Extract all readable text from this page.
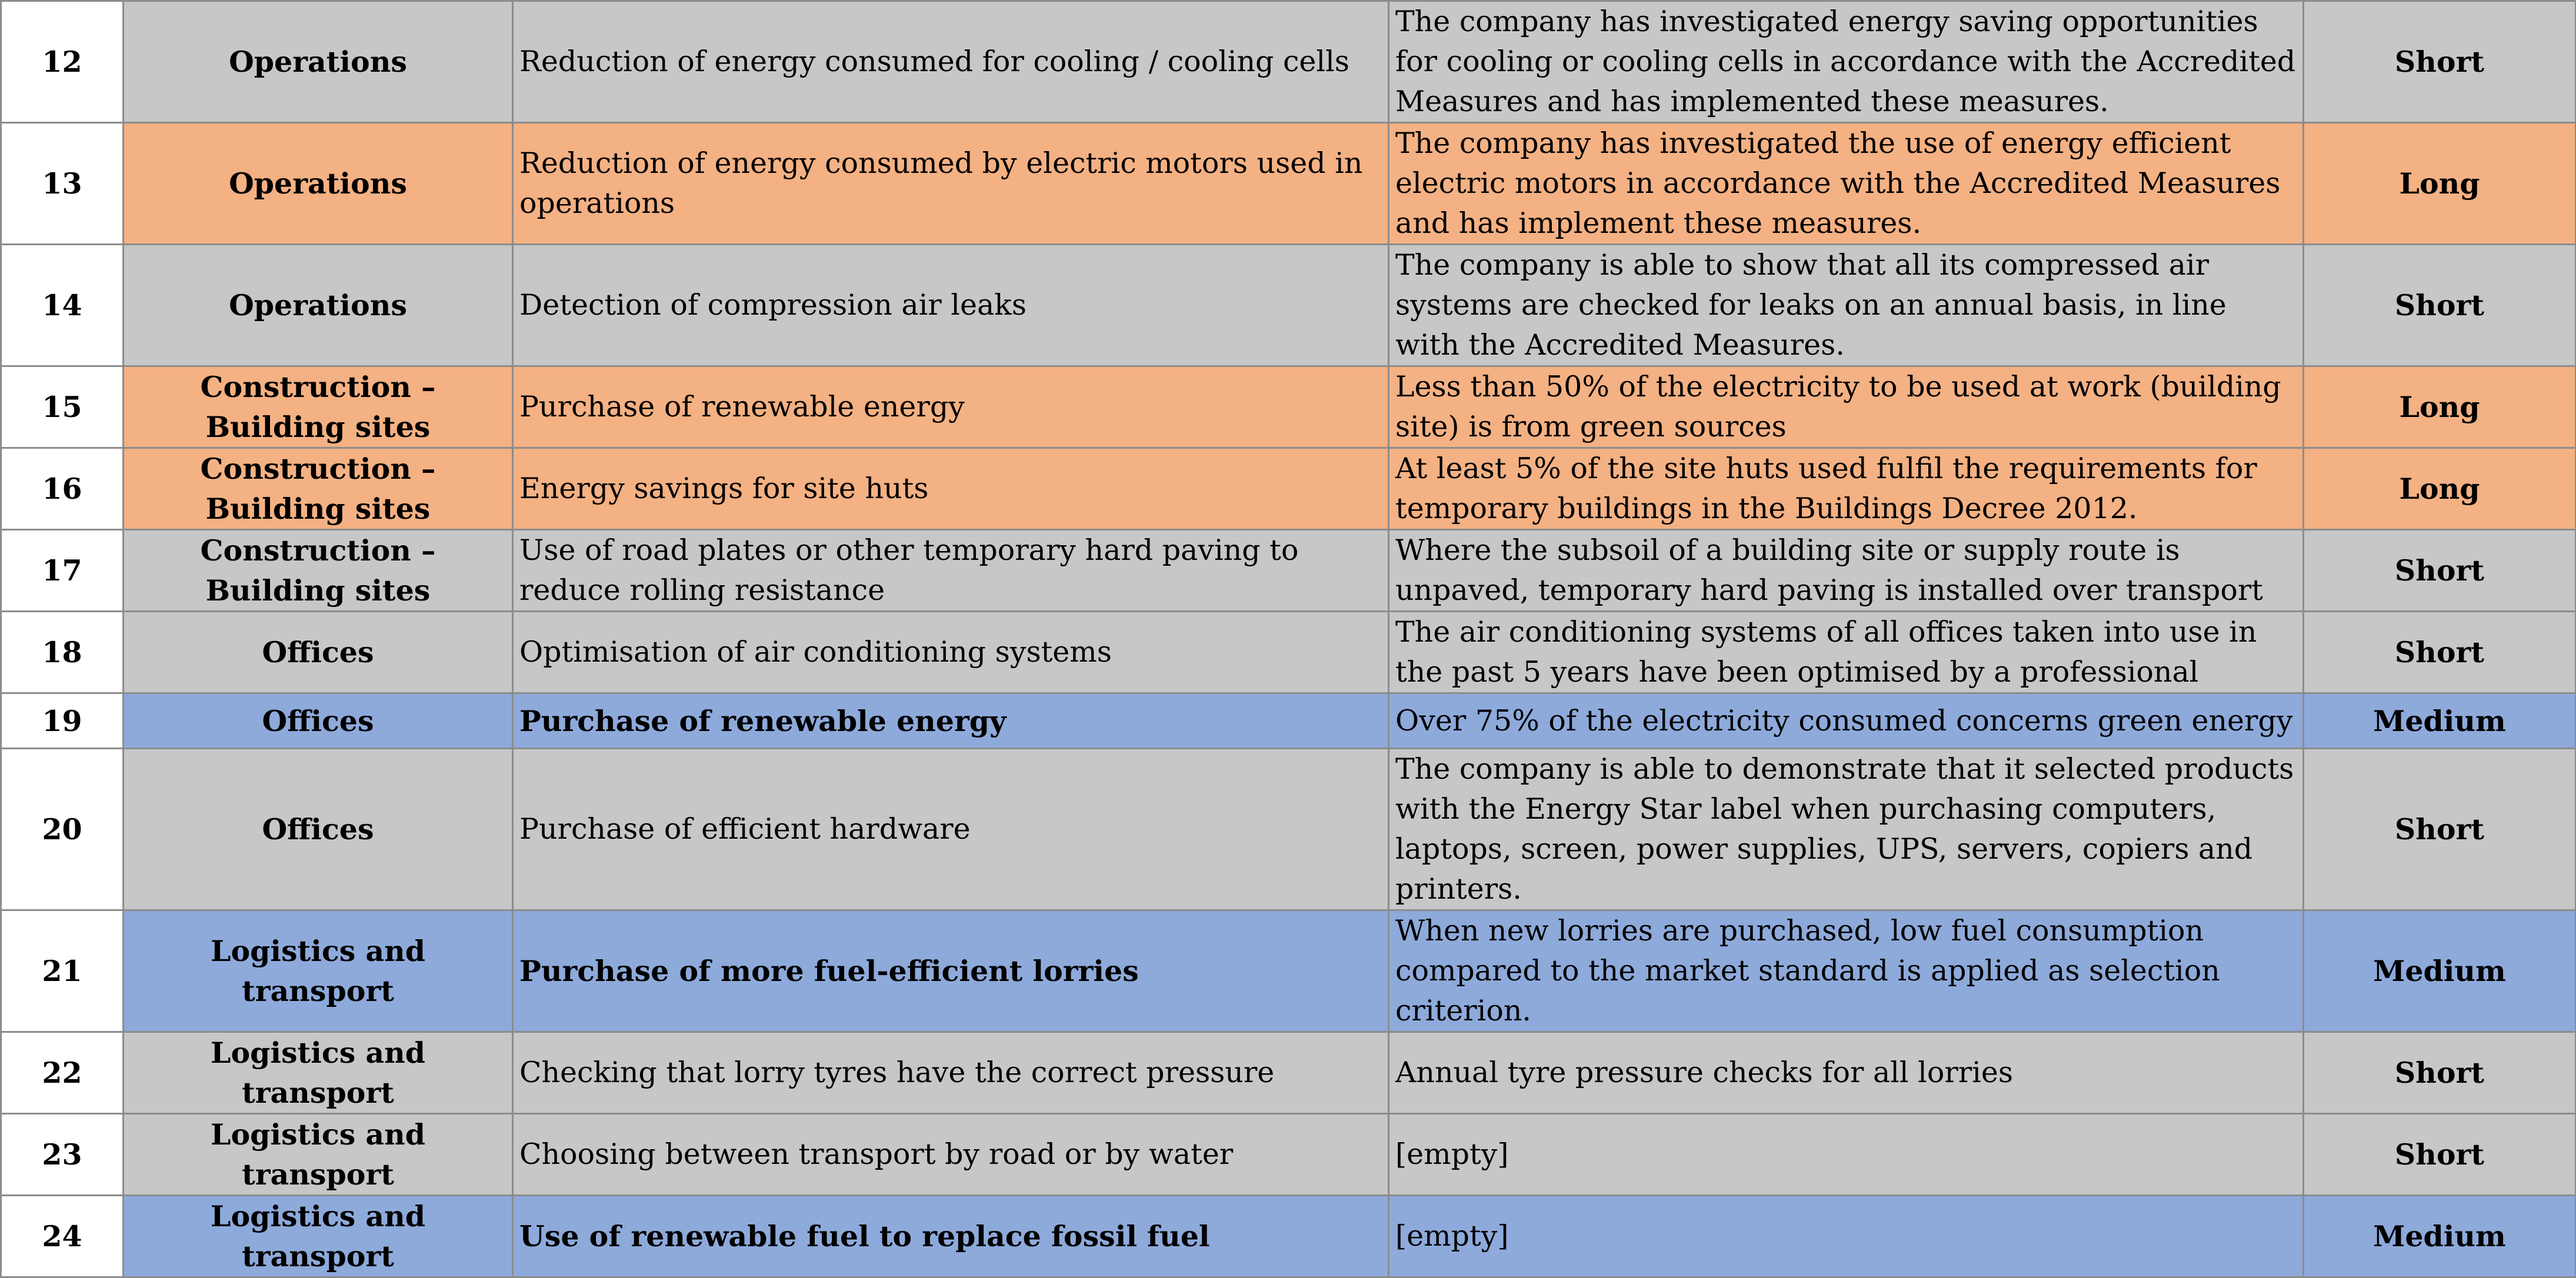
12	Operations	Reduction of energy consumed for cooling / cooling cells	The company has investigated energy saving opportunities for cooling or cooling cells in accordance with the Accredited Measures and has implemented these measures.	Short
13	Operations	Reduction of energy consumed by electric motors used in operations	The company has investigated the use of energy efficient electric motors in accordance with the Accredited Measures and has implement these measures.	Long
14	Operations	Detection of compression air leaks	The company is able to show that all its compressed air systems are checked for leaks on an annual basis, in line with the Accredited Measures.	Short
15	Construction – Building sites	Purchase of renewable energy	Less than 50% of the electricity to be used at work (building site) is from green sources	Long
16	Construction – Building sites	Energy savings for site huts	At least 5% of the site huts used fulfil the requirements for temporary buildings in the Buildings Decree 2012.	Long
17	Construction – Building sites	Use of road plates or other temporary hard paving to reduce rolling resistance	Where the subsoil of a building site or supply route is unpaved, temporary hard paving is installed over transport	Short
18	Offices	Optimisation of air conditioning systems	The air conditioning systems of all offices taken into use in the past 5 years have been optimised by a professional	Short
19	Offices	Purchase of renewable energy	Over 75% of the electricity consumed concerns green energy	Medium
20	Offices	Purchase of efficient hardware	The company is able to demonstrate that it selected products with the Energy Star label when purchasing computers, laptops, screen, power supplies, UPS, servers, copiers and printers.	Short
21	Logistics and transport	Purchase of more fuel-efficient lorries	When new lorries are purchased, low fuel consumption compared to the market standard is applied as selection criterion.	Medium
22	Logistics and transport	Checking that lorry tyres have the correct pressure	Annual tyre pressure checks for all lorries	Short
23	Logistics and transport	Choosing between transport by road or by water	[empty]	Short
24	Logistics and transport	Use of renewable fuel to replace fossil fuel	[empty]	Medium
